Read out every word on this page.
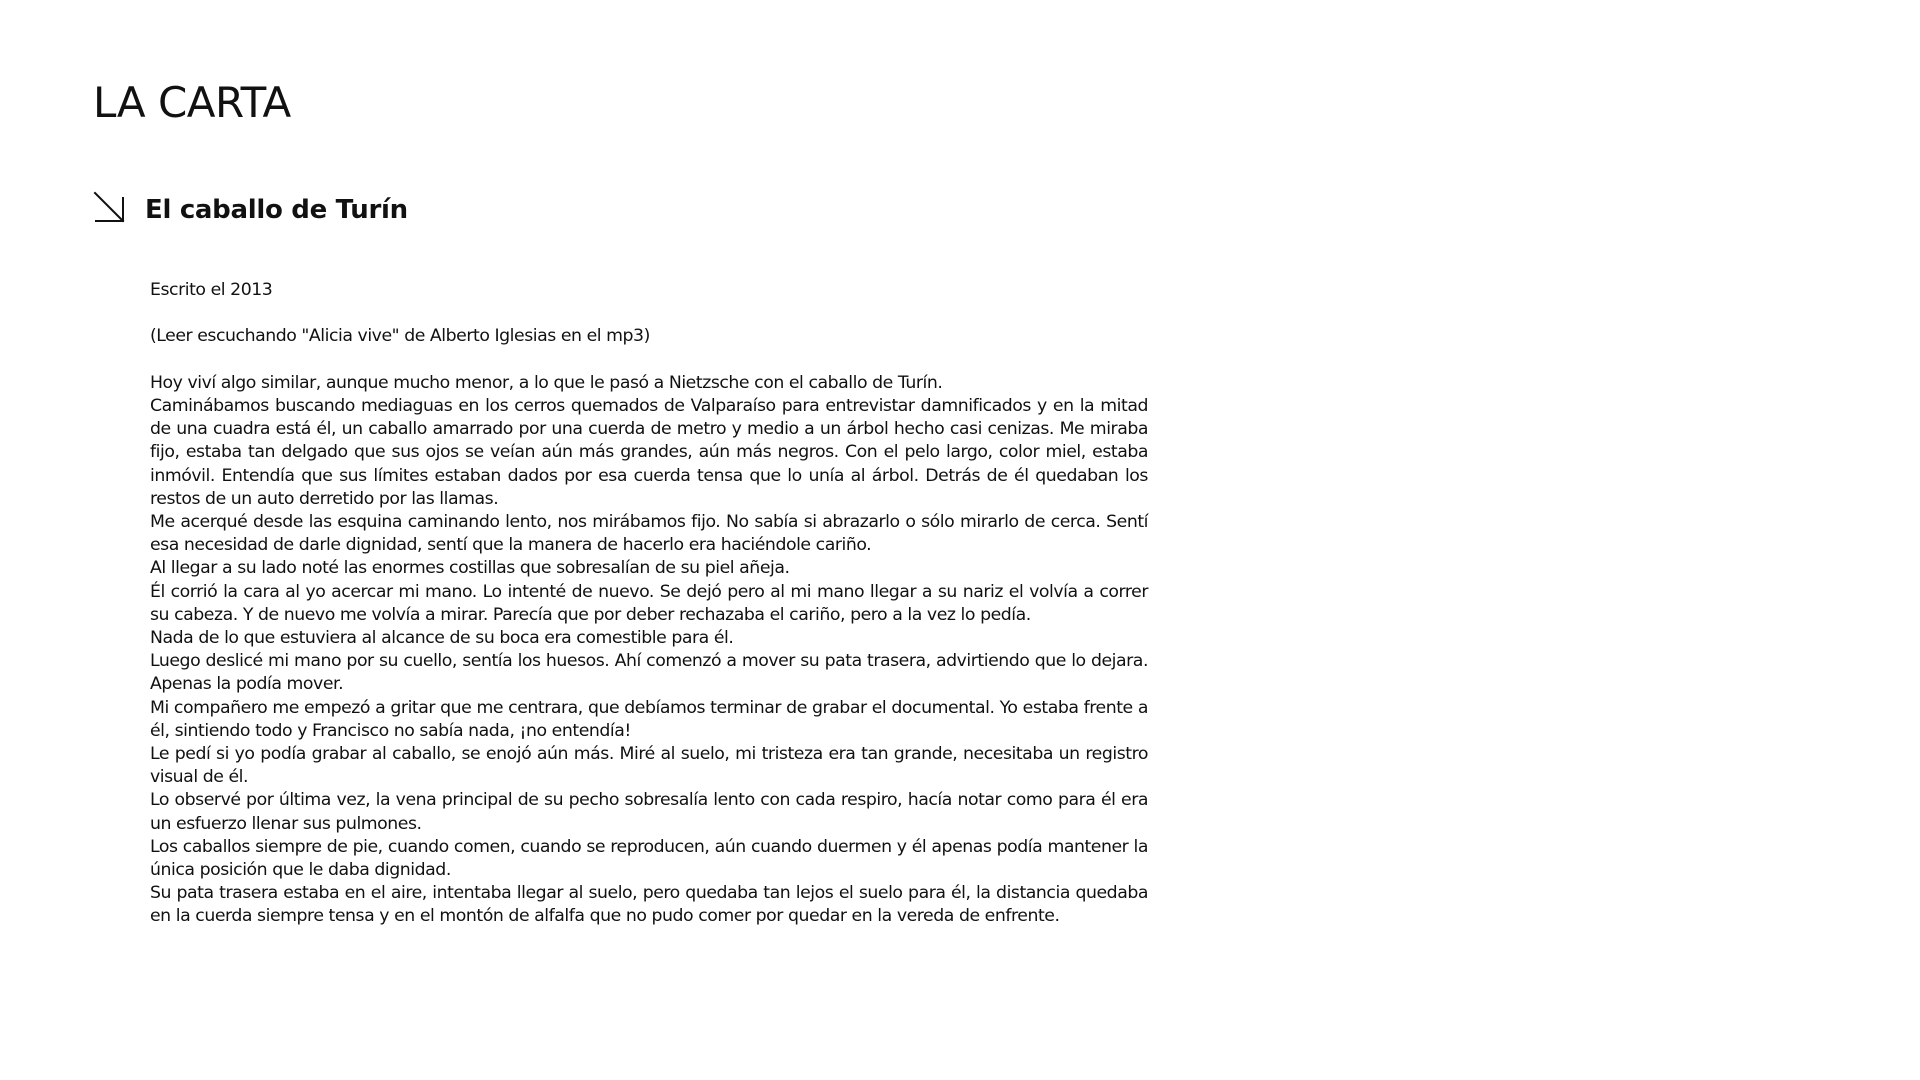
LA CARTA
El caballo de Turín

Escrito el 2013

(Leer escuchando "Alicia vive" de Alberto Iglesias en el mp3)

Hoy viví algo similar, aunque mucho menor, a lo que le pasó a Nietzsche con el caballo de Turín.

Caminábamos buscando mediaguas en los cerros quemados de Valparaíso para entrevistar damnificados y en la mitad de una cuadra está él, un caballo amarrado por una cuerda de metro y medio a un árbol hecho casi cenizas. Me miraba fijo, estaba tan delgado que sus ojos se veían aún más grandes, aún más negros. Con el pelo largo, color miel, estaba inmóvil. Entendía que sus límites estaban dados por esa cuerda tensa que lo unía al árbol. Detrás de él quedaban los restos de un auto derretido por las llamas.

Me acerqué desde las esquina caminando lento, nos mirábamos fijo. No sabía si abrazarlo o sólo mirarlo de cerca. Sentí esa necesidad de darle dignidad, sentí que la manera de hacerlo era haciéndole cariño.

Al llegar a su lado noté las enormes costillas que sobresalían de su piel añeja.

Él corrió la cara al yo acercar mi mano. Lo intenté de nuevo. Se dejó pero al mi mano llegar a su nariz el volvía a correr su cabeza. Y de nuevo me volvía a mirar. Parecía que por deber rechazaba el cariño, pero a la vez lo pedía.

Nada de lo que estuviera al alcance de su boca era comestible para él.

Luego deslicé mi mano por su cuello, sentía los huesos. Ahí comenzó a mover su pata trasera, advirtiendo que lo dejara. Apenas la podía mover.

Mi compañero me empezó a gritar que me centrara, que debíamos terminar de grabar el documental. Yo estaba frente a él, sintiendo todo y Francisco no sabía nada, ¡no entendía!

Le pedí si yo podía grabar al caballo, se enojó aún más. Miré al suelo, mi tristeza era tan grande, necesitaba un registro visual de él.

Lo observé por última vez, la vena principal de su pecho sobresalía lento con cada respiro, hacía notar como para él era un esfuerzo llenar sus pulmones.

Los caballos siempre de pie, cuando comen, cuando se reproducen, aún cuando duermen y él apenas podía mantener la única posición que le daba dignidad.

Su pata trasera estaba en el aire, intentaba llegar al suelo, pero quedaba tan lejos el suelo para él, la distancia quedaba en la cuerda siempre tensa y en el montón de alfalfa que no pudo comer por quedar en la vereda de enfrente.
